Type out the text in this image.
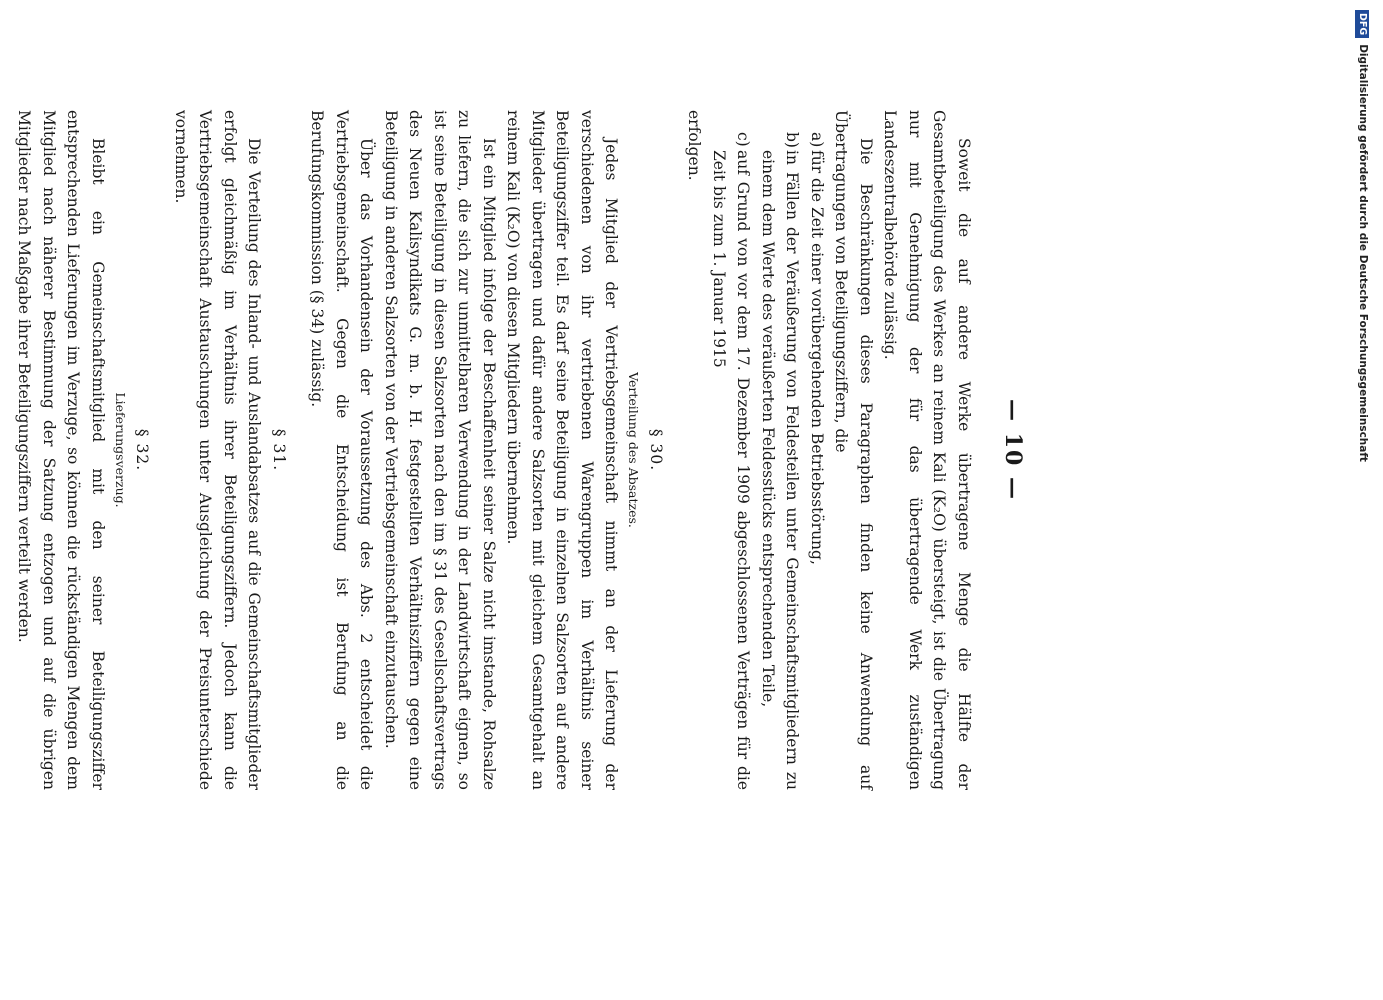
— 10 —

Soweit die auf andere Werke übertragene Menge die Hälfte der Gesamtbeteiligung des Werkes an reinem Kali (K₂O) übersteigt, ist die Übertragung nur mit Genehmigung der für das übertragende Werk zuständigen Landeszentralbehörde zulässig.

Die Beschränkungen dieses Paragraphen finden keine Anwendung auf Übertragungen von Beteiligungsziffern, die

a)
für die Zeit einer vorübergehenden Betriebsstörung,
b)
in Fällen der Veräußerung von Feldesteilen unter Gemeinschaftsmitgliedern zu einem dem Werte des veräußerten Feldesstücks entsprechenden Teile,
c)
auf Grund von vor dem 17. Dezember 1909 abgeschlossenen Verträgen für die Zeit bis zum 1. Januar 1915

erfolgen.

§ 30.
Verteilung des Absatzes.

Jedes Mitglied der Vertriebsgemeinschaft nimmt an der Lieferung der verschiedenen von ihr vertriebenen Warengruppen im Verhältnis seiner Beteiligungsziffer teil. Es darf seine Beteiligung in einzelnen Salzsorten auf andere Mitglieder übertragen und dafür andere Salzsorten mit gleichem Gesamtgehalt an reinem Kali (K₂O) von diesen Mitgliedern übernehmen.

Ist ein Mitglied infolge der Beschaffenheit seiner Salze nicht imstande, Rohsalze zu liefern, die sich zur unmittelbaren Verwendung in der Landwirtschaft eignen, so ist seine Beteiligung in diesen Salzsorten nach den im § 31 des Gesellschaftsvertrags des Neuen Kalisyndikats G. m. b. H. festgestellten Verhältnisziffern gegen eine Beteiligung in anderen Salzsorten von der Vertriebsgemeinschaft einzutauschen.

Über das Vorhandensein der Voraussetzung des Abs. 2 entscheidet die Vertriebsgemeinschaft. Gegen die Entscheidung ist Berufung an die Berufungskommission (§ 34) zulässig.

§ 31.

Die Verteilung des Inland- und Auslandabsatzes auf die Gemeinschaftsmitglieder erfolgt gleichmäßig im Verhältnis ihrer Beteiligungsziffern. Jedoch kann die Vertriebsgemeinschaft Austauschungen unter Ausgleichung der Preisunterschiede vornehmen.

§ 32.
Lieferungsverzug.

Bleibt ein Gemeinschaftsmitglied mit den seiner Beteiligungsziffer entsprechenden Lieferungen im Verzuge, so können die rückständigen Mengen dem Mitglied nach näherer Bestimmung der Satzung entzogen und auf die übrigen Mitglieder nach Maßgabe ihrer Beteiligungsziffern verteilt werden.

DFGDigitalisierung gefördert durch die Deutsche Forschungsgemeinschaft
